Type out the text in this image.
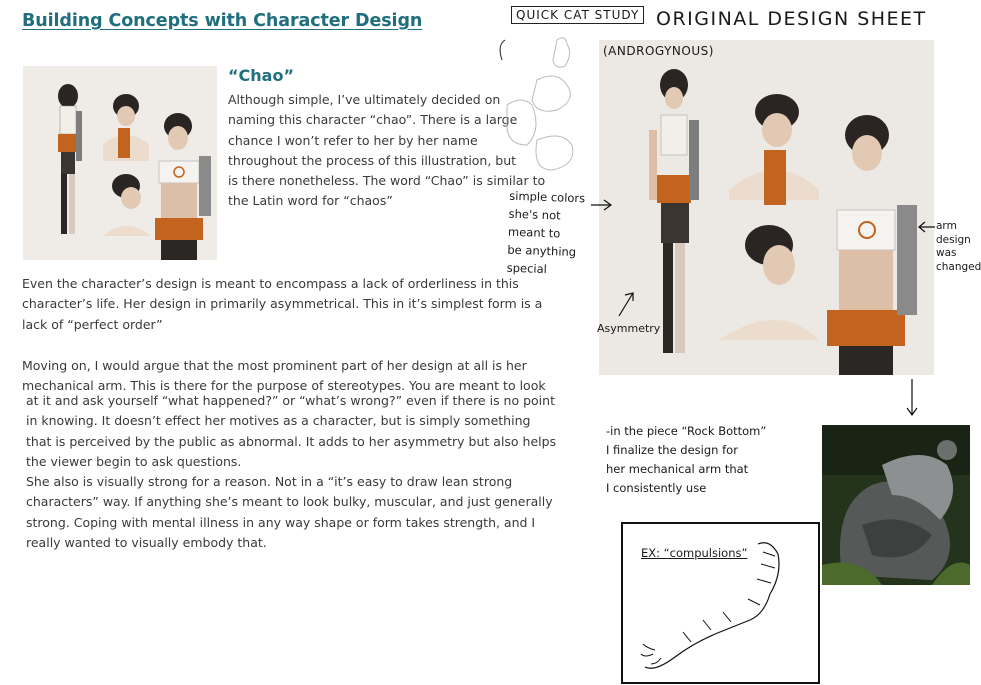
Building Concepts with Character Design
“Chao”
Although simple, I’ve ultimately decided on
naming this character “chao”. There is a large
chance I won’t refer to her by her name
throughout the process of this illustration, but
is there nonetheless. The word “Chao” is similar to
the Latin word for “chaos”
Even the character’s design is meant to encompass a lack of orderliness in this
character’s life. Her design in primarily asymmetrical. This in it’s simplest form is a
lack of “perfect order”
Moving on, I would argue that the most prominent part of her design at all is her
mechanical arm. This is there for the purpose of stereotypes. You are meant to look
at it and ask yourself “what happened?” or “what’s wrong?” even if there is no point
in knowing. It doesn’t effect her motives as a character, but is simply something
that is perceived by the public as abnormal. It adds to her asymmetry but also helps
the viewer begin to ask questions.
She also is visually strong for a reason. Not in a “it’s easy to draw lean strong
characters” way. If anything she’s meant to look bulky, muscular, and just generally
strong. Coping with mental illness in any way shape or form takes strength, and I
really wanted to visually embody that.
QUICK CAT STUDY ORIGINAL DESIGN SHEET
(ANDROGYNOUS)
simple colors
she's not
meant to
be anything
special
Asymmetry
arm
design
was
changed
-in the piece “Rock Bottom”
I finalize the design for
her mechanical arm that
I consistently use
EX: “compulsions”
